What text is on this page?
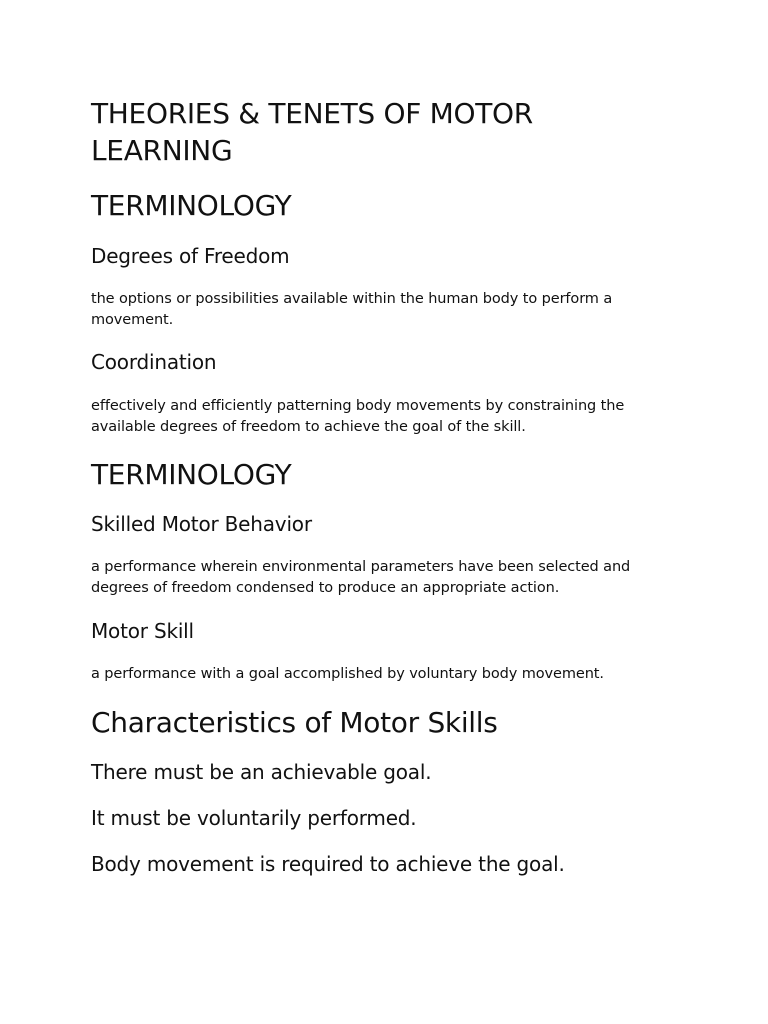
THEORIES & TENETS OF MOTOR
LEARNING
TERMINOLOGY
Degrees of Freedom

the options or possibilities available within the human body to perform a

movement.

Coordination

effectively and efficiently patterning body movements by constraining the

available degrees of freedom to achieve the goal of the skill.

TERMINOLOGY
Skilled Motor Behavior

a performance wherein environmental parameters have been selected and

degrees of freedom condensed to produce an appropriate action.

Motor Skill

a performance with a goal accomplished by voluntary body movement.

Characteristics of Motor Skills

There must be an achievable goal.

It must be voluntarily performed.

Body movement is required to achieve the goal.
